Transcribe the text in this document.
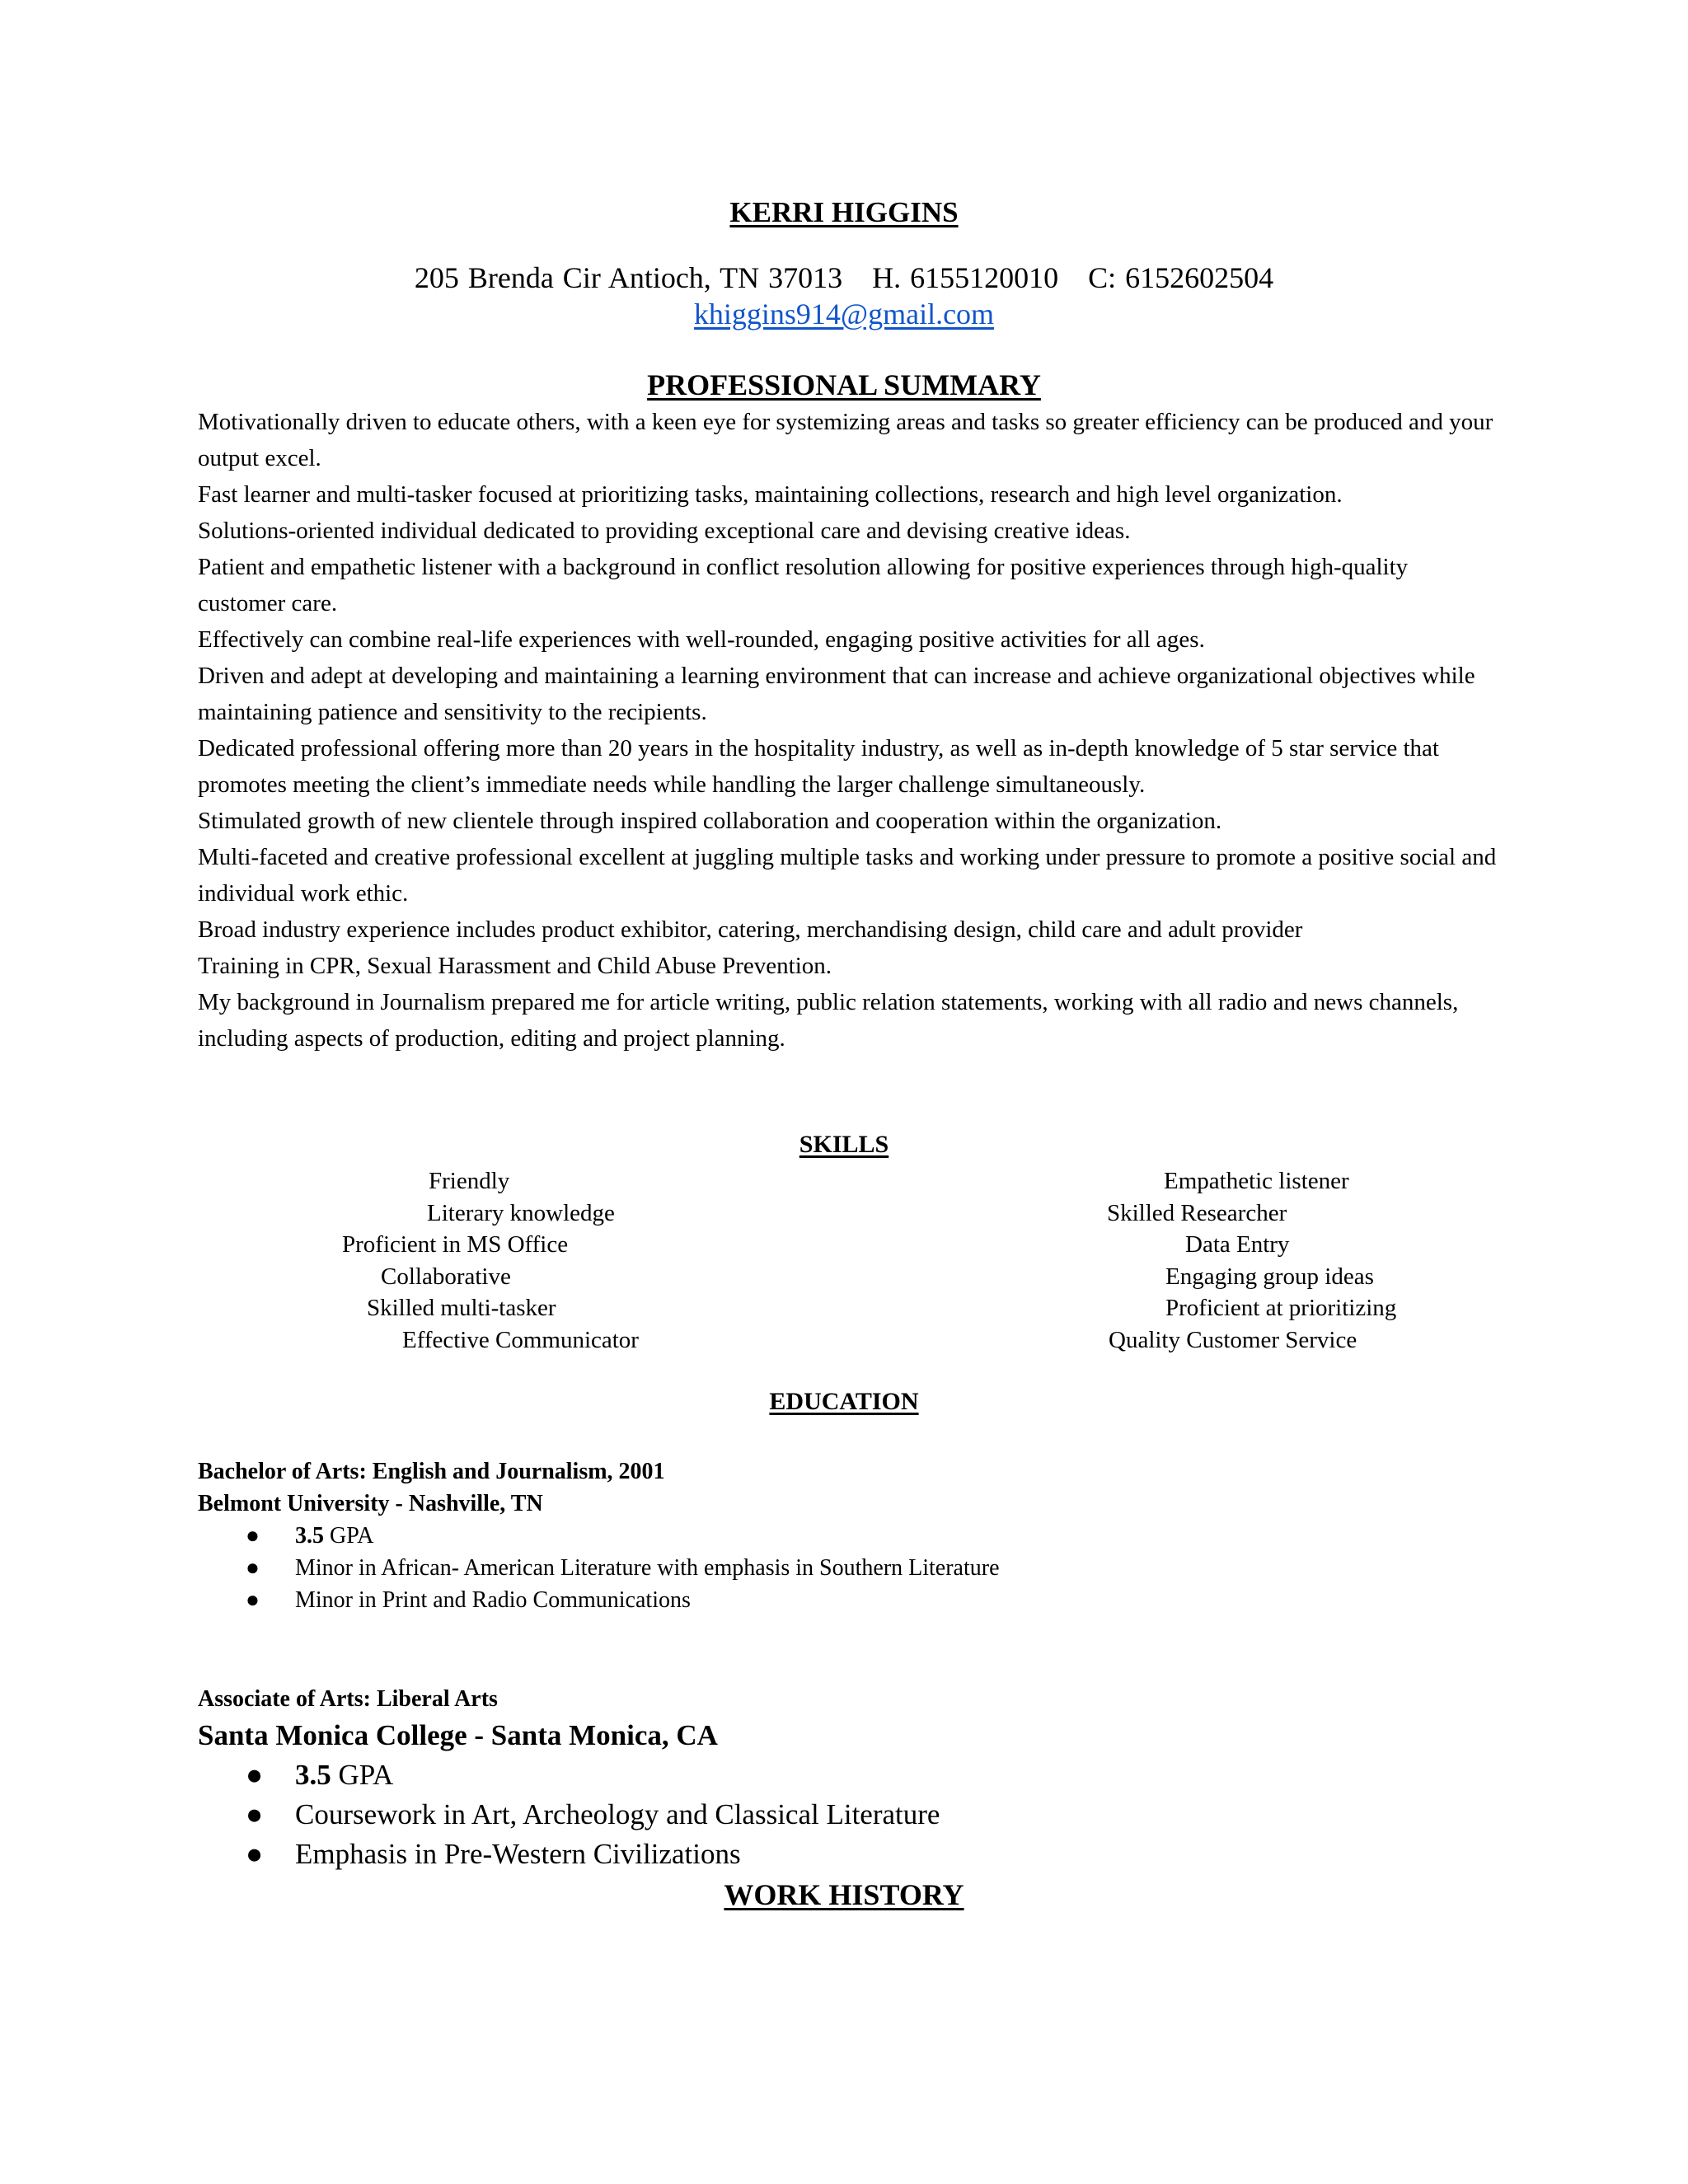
KERRI HIGGINS
205 Brenda Cir Antioch, TN 37013 H. 6155120010 C: 6152602504
khiggins914@gmail.com
PROFESSIONAL SUMMARY

Motivationally driven to educate others, with a keen eye for systemizing areas and tasks so greater efficiency can be produced and your output excel.

Fast learner and multi-tasker focused at prioritizing tasks, maintaining collections, research and high level organization.

Solutions-oriented individual dedicated to providing exceptional care and devising creative ideas.

Patient and empathetic listener with a background in conflict resolution allowing for positive experiences through high-quality customer care.

Effectively can combine real-life experiences with well-rounded, engaging positive activities for all ages.

Driven and adept at developing and maintaining a learning environment that can increase and achieve organizational objectives while maintaining patience and sensitivity to the recipients.

Dedicated professional offering more than 20 years in the hospitality industry, as well as in-depth knowledge of 5 star service that promotes meeting the client’s immediate needs while handling the larger challenge simultaneously.

Stimulated growth of new clientele through inspired collaboration and cooperation within the organization.

Multi-faceted and creative professional excellent at juggling multiple tasks and working under pressure to promote a positive social and individual work ethic.

Broad industry experience includes product exhibitor, catering, merchandising design, child care and adult provider

Training in CPR, Sexual Harassment and Child Abuse Prevention.

My background in Journalism prepared me for article writing, public relation statements, working with all radio and news channels, including aspects of production, editing and project planning.

SKILLS
Friendly
Literary knowledge
Proficient in MS Office
Collaborative
Skilled multi-tasker
Effective Communicator
Empathetic listener
Skilled Researcher
Data Entry
Engaging group ideas
Proficient at prioritizing
Quality Customer Service
EDUCATION
Bachelor of Arts: English and Journalism, 2001
Belmont University - Nashville, TN
● 3.5 GPA
● Minor in African- American Literature with emphasis in Southern Literature
● Minor in Print and Radio Communications
Associate of Arts: Liberal Arts
Santa Monica College - Santa Monica, CA
● 3.5 GPA
● Coursework in Art, Archeology and Classical Literature
● Emphasis in Pre-Western Civilizations
WORK HISTORY
